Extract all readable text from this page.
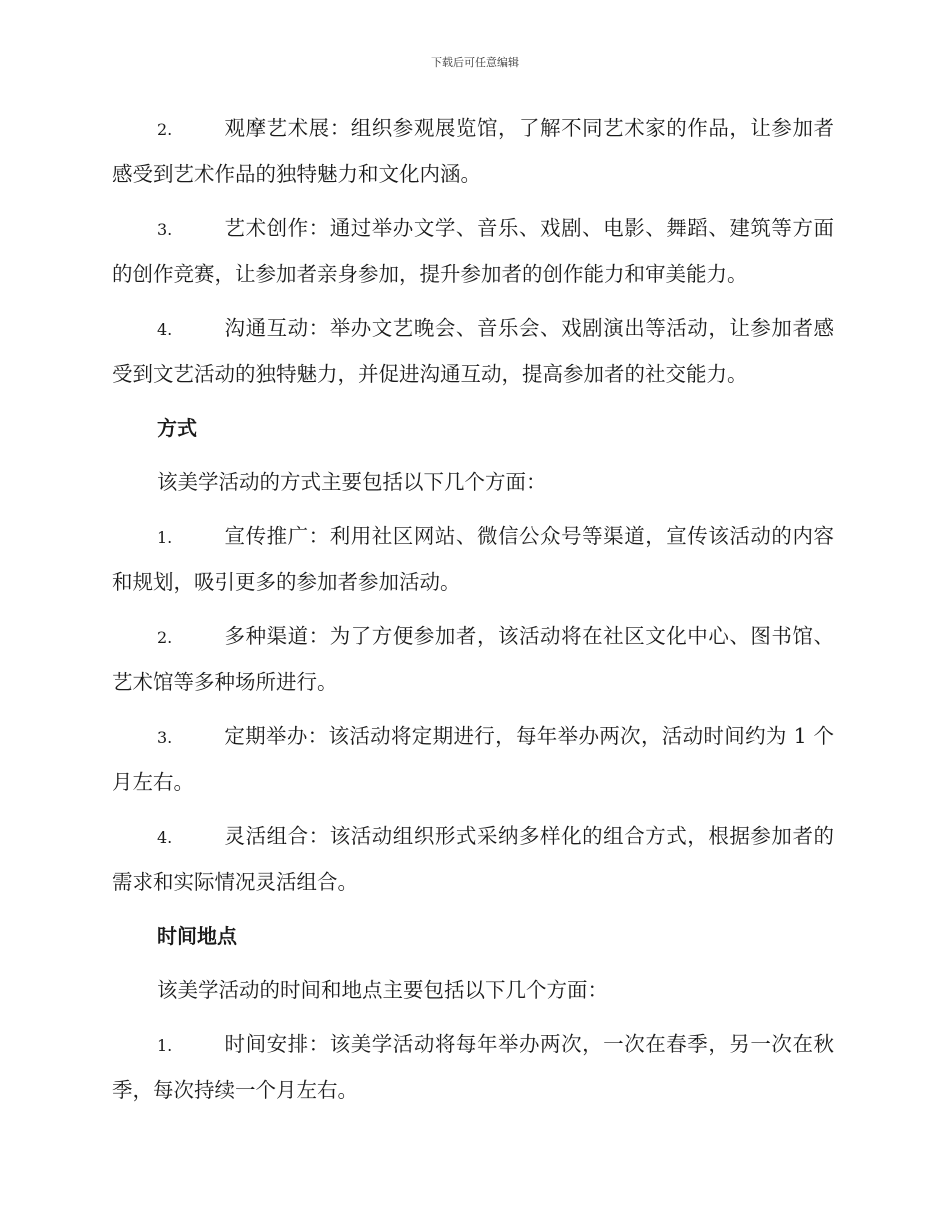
下载后可任意编辑
2.	观摩艺术展：组织参观展览馆，了解不同艺术家的作品，让参加者感受到艺术作品的独特魅力和文化内涵。
3.	艺术创作：通过举办文学、音乐、戏剧、电影、舞蹈、建筑等方面的创作竞赛，让参加者亲身参加，提升参加者的创作能力和审美能力。
4.	沟通互动：举办文艺晚会、音乐会、戏剧演出等活动，让参加者感受到文艺活动的独特魅力，并促进沟通互动，提高参加者的社交能力。
方式
该美学活动的方式主要包括以下几个方面：
1.	宣传推广：利用社区网站、微信公众号等渠道，宣传该活动的内容和规划，吸引更多的参加者参加活动。
2.	多种渠道：为了方便参加者，该活动将在社区文化中心、图书馆、艺术馆等多种场所进行。
3.	定期举办：该活动将定期进行，每年举办两次，活动时间约为 1 个月左右。
4.	灵活组合：该活动组织形式采纳多样化的组合方式，根据参加者的需求和实际情况灵活组合。
时间地点
该美学活动的时间和地点主要包括以下几个方面：
1.	时间安排：该美学活动将每年举办两次，一次在春季，另一次在秋季，每次持续一个月左右。
